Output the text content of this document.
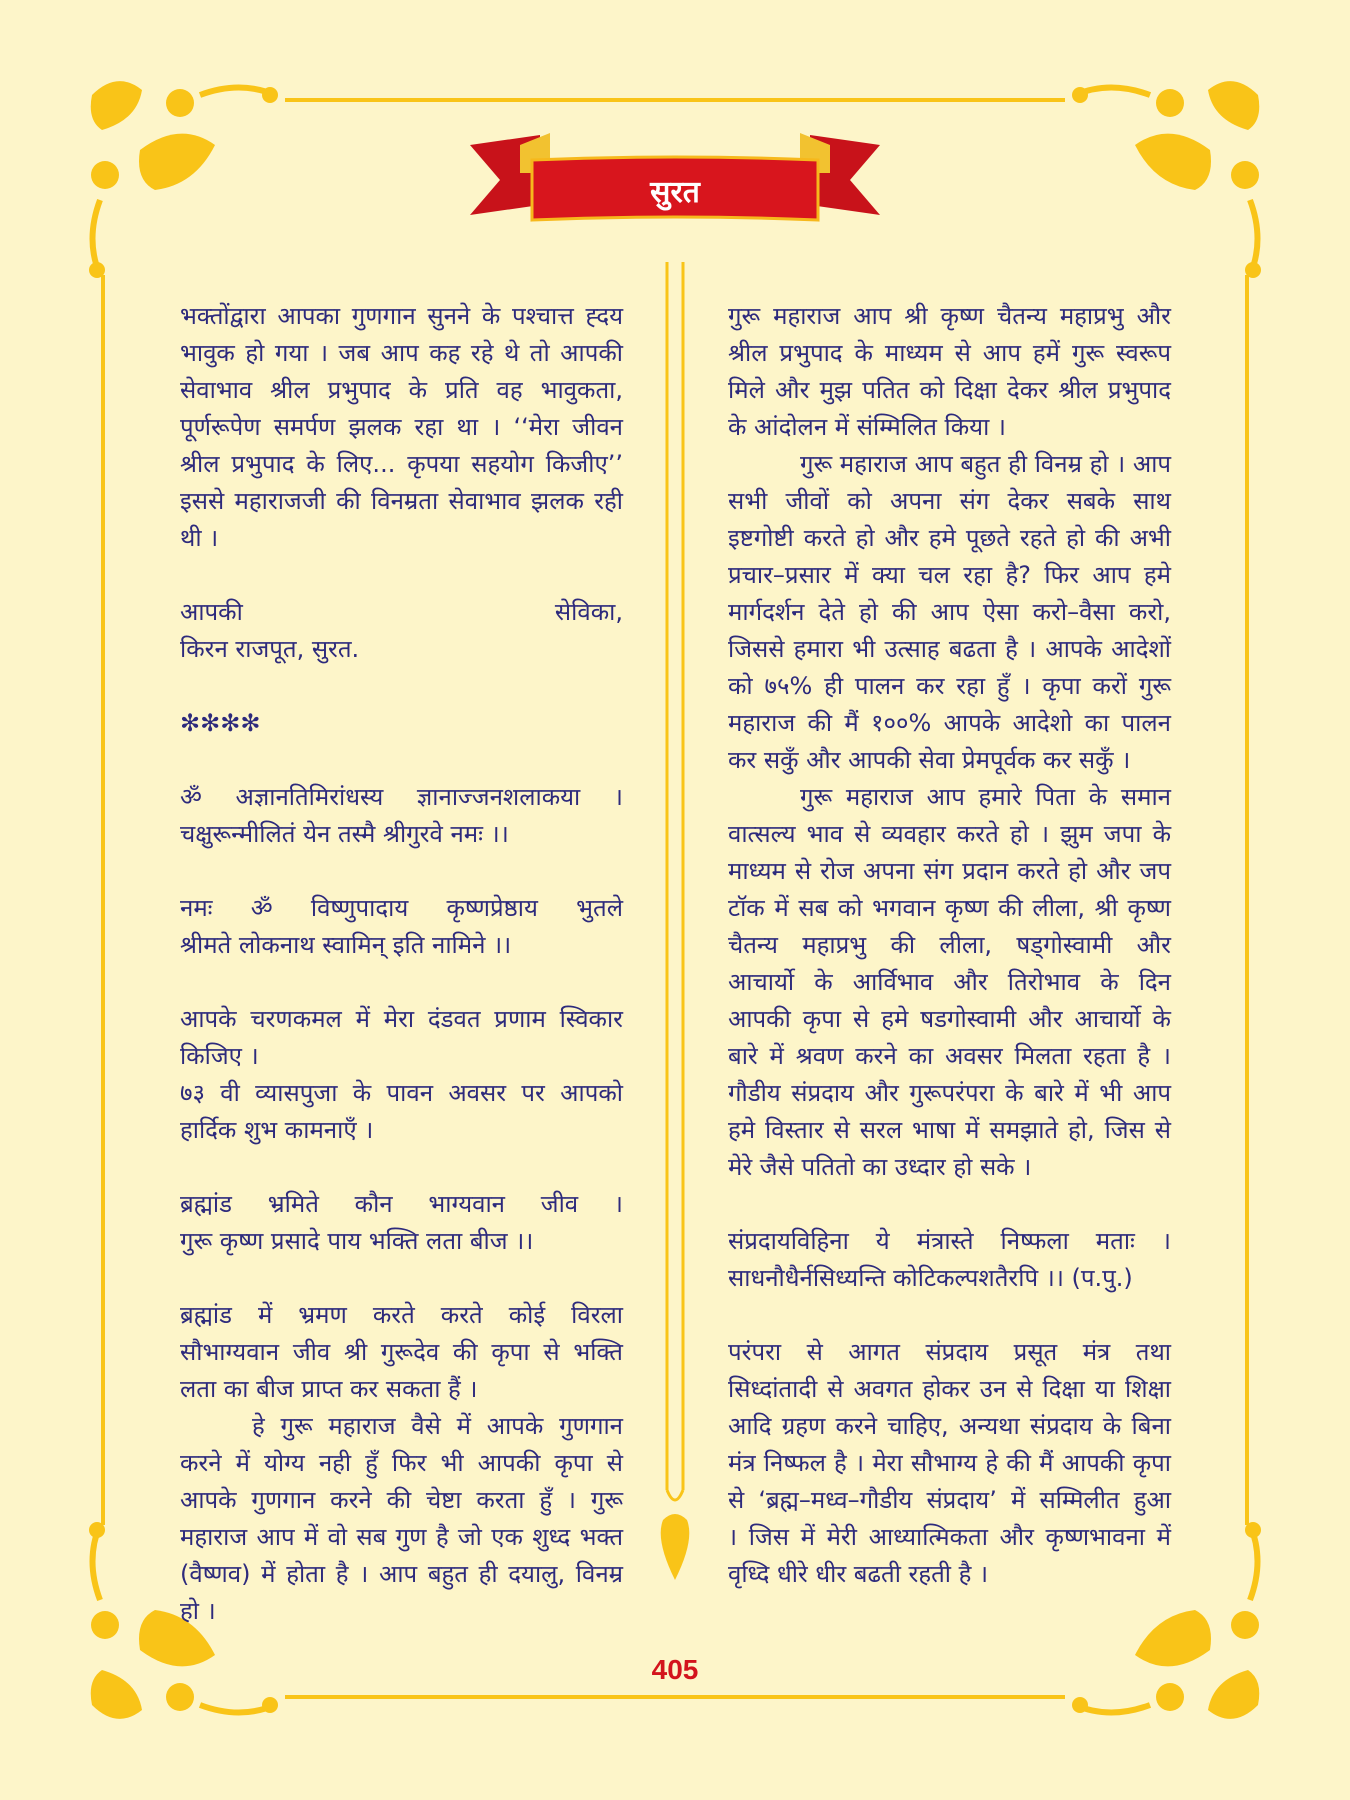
सुरत
भक्तोंद्वारा आपका गुणगान सुनने के पश्चात्त ह्दय
भावुक हो गया । जब आप कह रहे थे तो आपकी
सेवाभाव श्रील प्रभुपाद के प्रति वह भावुकता,
पूर्णरूपेण समर्पण झलक रहा था । ‘‘मेरा जीवन
श्रील प्रभुपाद के लिए... कृपया सहयोग किजीए’’
इससे महाराजजी की विनम्रता सेवाभाव झलक रही
थी ।
आपकी सेविका,
किरन राजपूत, सुरत.
✻✻✻✻
ॐ अज्ञानतिमिरांधस्य ज्ञानाज्जनशलाकया ।
चक्षुरून्मीलितं येन तस्मै श्रीगुरवे नमः ।।
नमः ॐ विष्णुपादाय कृष्णप्रेष्ठाय भुतले
श्रीमते लोकनाथ स्वामिन् इति नामिने ।।
आपके चरणकमल में मेरा दंडवत प्रणाम स्विकार
किजिए ।
७३ वी व्यासपुजा के पावन अवसर पर आपको
हार्दिक शुभ कामनाएँ ।
ब्रह्मांड भ्रमिते कौन भाग्यवान जीव ।
गुरू कृष्ण प्रसादे पाय भक्ति लता बीज ।।
ब्रह्मांड में भ्रमण करते करते कोई विरला
सौभाग्यवान जीव श्री गुरूदेव की कृपा से भक्ति
लता का बीज प्राप्त कर सकता हैं ।
हे गुरू महाराज वैसे में आपके गुणगान
करने में योग्य नही हुँ फिर भी आपकी कृपा से
आपके गुणगान करने की चेष्टा करता हुँ । गुरू
महाराज आप में वो सब गुण है जो एक शुध्द भक्त
(वैष्णव) में होता है । आप बहुत ही दयालु, विनम्र
हो ।
गुरू महाराज आप श्री कृष्ण चैतन्य महाप्रभु और
श्रील प्रभुपाद के माध्यम से आप हमें गुरू स्वरूप
मिले और मुझ पतित को दिक्षा देकर श्रील प्रभुपाद
के आंदोलन में संम्मिलित किया ।
गुरू महाराज आप बहुत ही विनम्र हो । आप
सभी जीवों को अपना संग देकर सबके साथ
इष्टगोष्टी करते हो और हमे पूछते रहते हो की अभी
प्रचार–प्रसार में क्या चल रहा है? फिर आप हमे
मार्गदर्शन देते हो की आप ऐसा करो–वैसा करो,
जिससे हमारा भी उत्साह बढता है । आपके आदेशों
को ७५% ही पालन कर रहा हुँ । कृपा करों गुरू
महाराज की मैं १००% आपके आदेशो का पालन
कर सकुँ और आपकी सेवा प्रेमपूर्वक कर सकुँ ।
गुरू महाराज आप हमारे पिता के समान
वात्सल्य भाव से व्यवहार करते हो । झुम जपा के
माध्यम से रोज अपना संग प्रदान करते हो और जप
टॉक में सब को भगवान कृष्ण की लीला, श्री कृष्ण
चैतन्य महाप्रभु की लीला, षड्गोस्वामी और
आचार्यो के आर्विभाव और तिरोभाव के दिन
आपकी कृपा से हमे षडगोस्वामी और आचार्यो के
बारे में श्रवण करने का अवसर मिलता रहता है ।
गौडीय संप्रदाय और गुरूपरंपरा के बारे में भी आप
हमे विस्तार से सरल भाषा में समझाते हो, जिस से
मेरे जैसे पतितो का उध्दार हो सके ।
संप्रदायविहिना ये मंत्रास्ते निष्फला मताः ।
साधनौधैर्नसिध्यन्ति कोटिकल्पशतैरपि ।। (प.पु.)
परंपरा से आगत संप्रदाय प्रसूत मंत्र तथा
सिध्दांतादी से अवगत होकर उन से दिक्षा या शिक्षा
आदि ग्रहण करने चाहिए, अन्यथा संप्रदाय के बिना
मंत्र निष्फल है । मेरा सौभाग्य हे की मैं आपकी कृपा
से ‘ब्रह्म–मध्व–गौडीय संप्रदाय’ में सम्मिलीत हुआ
। जिस में मेरी आध्यात्मिकता और कृष्णभावना में
वृध्दि धीरे धीर बढती रहती है ।
405
